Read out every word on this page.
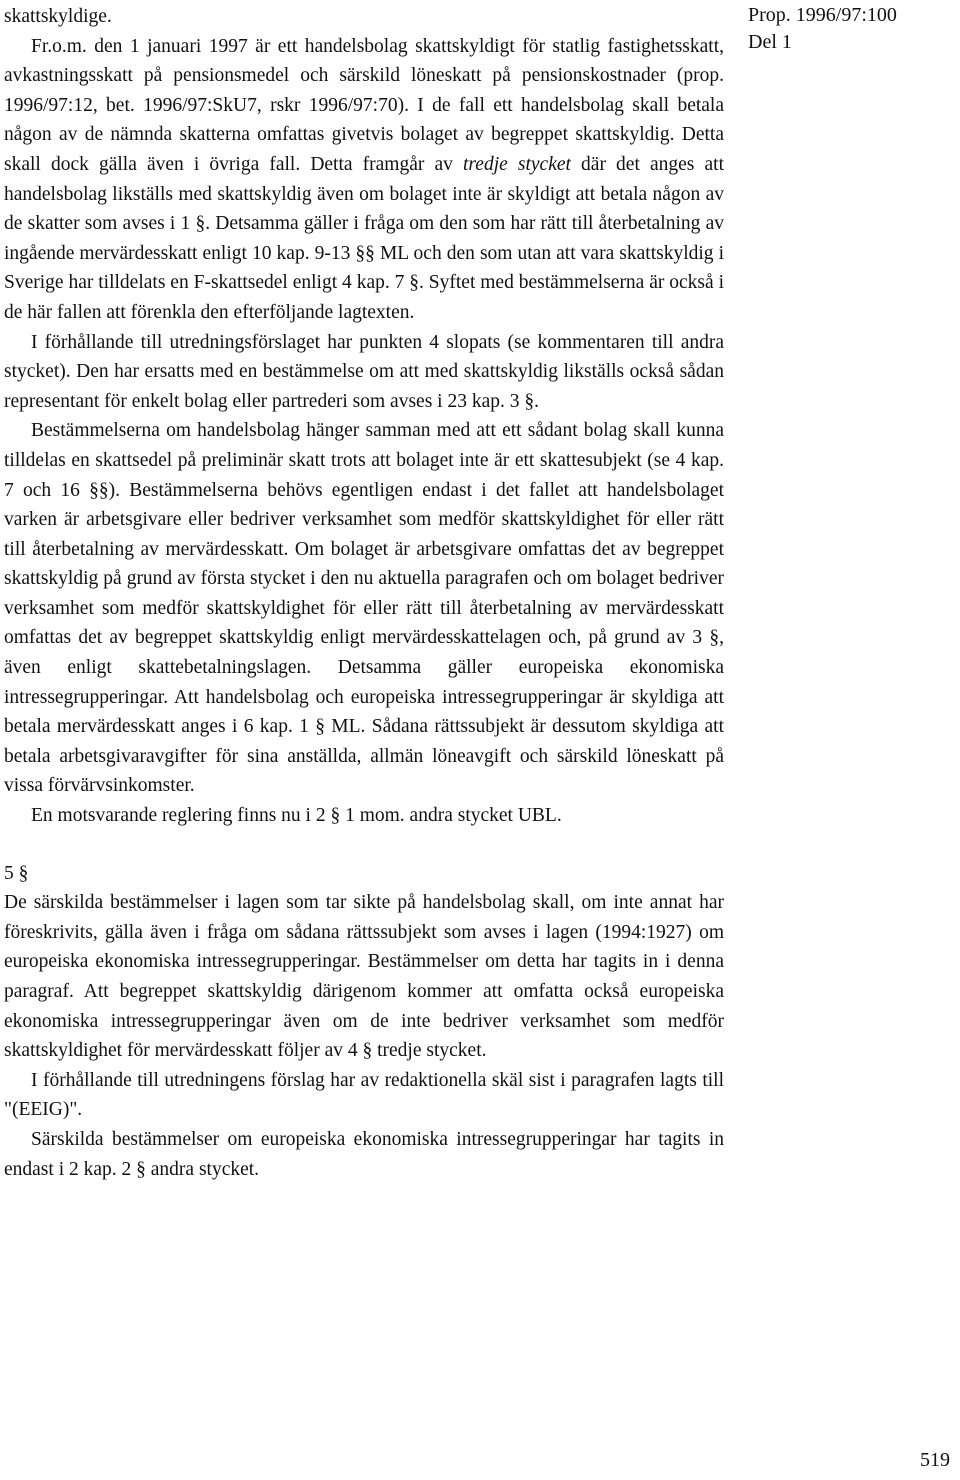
skattskyldige.

Fr.o.m. den 1 januari 1997 är ett handelsbolag skattskyldigt för statlig fastighetsskatt, avkastningsskatt på pensionsmedel och särskild löneskatt på pensionskostnader (prop. 1996/97:12, bet. 1996/97:SkU7, rskr 1996/97:70). I de fall ett handelsbolag skall betala någon av de nämnda skatterna omfattas givetvis bolaget av begreppet skattskyldig. Detta skall dock gälla även i övriga fall. Detta framgår av tredje stycket där det anges att handelsbolag likställs med skattskyldig även om bolaget inte är skyldigt att betala någon av de skatter som avses i 1 §. Detsamma gäller i fråga om den som har rätt till återbetalning av ingående mervärdesskatt enligt 10 kap. 9-13 §§ ML och den som utan att vara skattskyldig i Sverige har tilldelats en F-skattsedel enligt 4 kap. 7 §. Syftet med bestämmelserna är också i de här fallen att förenkla den efterföljande lagtexten.

I förhållande till utredningsförslaget har punkten 4 slopats (se kommentaren till andra stycket). Den har ersatts med en bestämmelse om att med skattskyldig likställs också sådan representant för enkelt bolag eller partrederi som avses i 23 kap. 3 §.

Bestämmelserna om handelsbolag hänger samman med att ett sådant bolag skall kunna tilldelas en skattsedel på preliminär skatt trots att bolaget inte är ett skattesubjekt (se 4 kap. 7 och 16 §§). Bestämmelserna behövs egentligen endast i det fallet att handelsbolaget varken är arbetsgivare eller bedriver verksamhet som medför skattskyldighet för eller rätt till återbetalning av mervärdesskatt. Om bolaget är arbetsgivare omfattas det av begreppet skattskyldig på grund av första stycket i den nu aktuella paragrafen och om bolaget bedriver verksamhet som medför skattskyldighet för eller rätt till återbetalning av mervärdesskatt omfattas det av begreppet skattskyldig enligt mervärdesskattelagen och, på grund av 3 §, även enligt skattebetalningslagen. Detsamma gäller europeiska ekonomiska intressegrupperingar. Att handelsbolag och europeiska intressegrupperingar är skyldiga att betala mervärdesskatt anges i 6 kap. 1 § ML. Sådana rättssubjekt är dessutom skyldiga att betala arbetsgivaravgifter för sina anställda, allmän löneavgift och särskild löneskatt på vissa förvärvsinkomster.

En motsvarande reglering finns nu i 2 § 1 mom. andra stycket UBL.

5 §

De särskilda bestämmelser i lagen som tar sikte på handelsbolag skall, om inte annat har föreskrivits, gälla även i fråga om sådana rättssubjekt som avses i lagen (1994:1927) om europeiska ekonomiska intressegrupperingar. Bestämmelser om detta har tagits in i denna paragraf. Att begreppet skattskyldig därigenom kommer att omfatta också europeiska ekonomiska intressegrupperingar även om de inte bedriver verksamhet som medför skattskyldighet för mervärdesskatt följer av 4 § tredje stycket.

I förhållande till utredningens förslag har av redaktionella skäl sist i paragrafen lagts till "(EEIG)".

Särskilda bestämmelser om europeiska ekonomiska intressegrupperingar har tagits in endast i 2 kap. 2 § andra stycket.

Prop. 1996/97:100
Del 1
519
